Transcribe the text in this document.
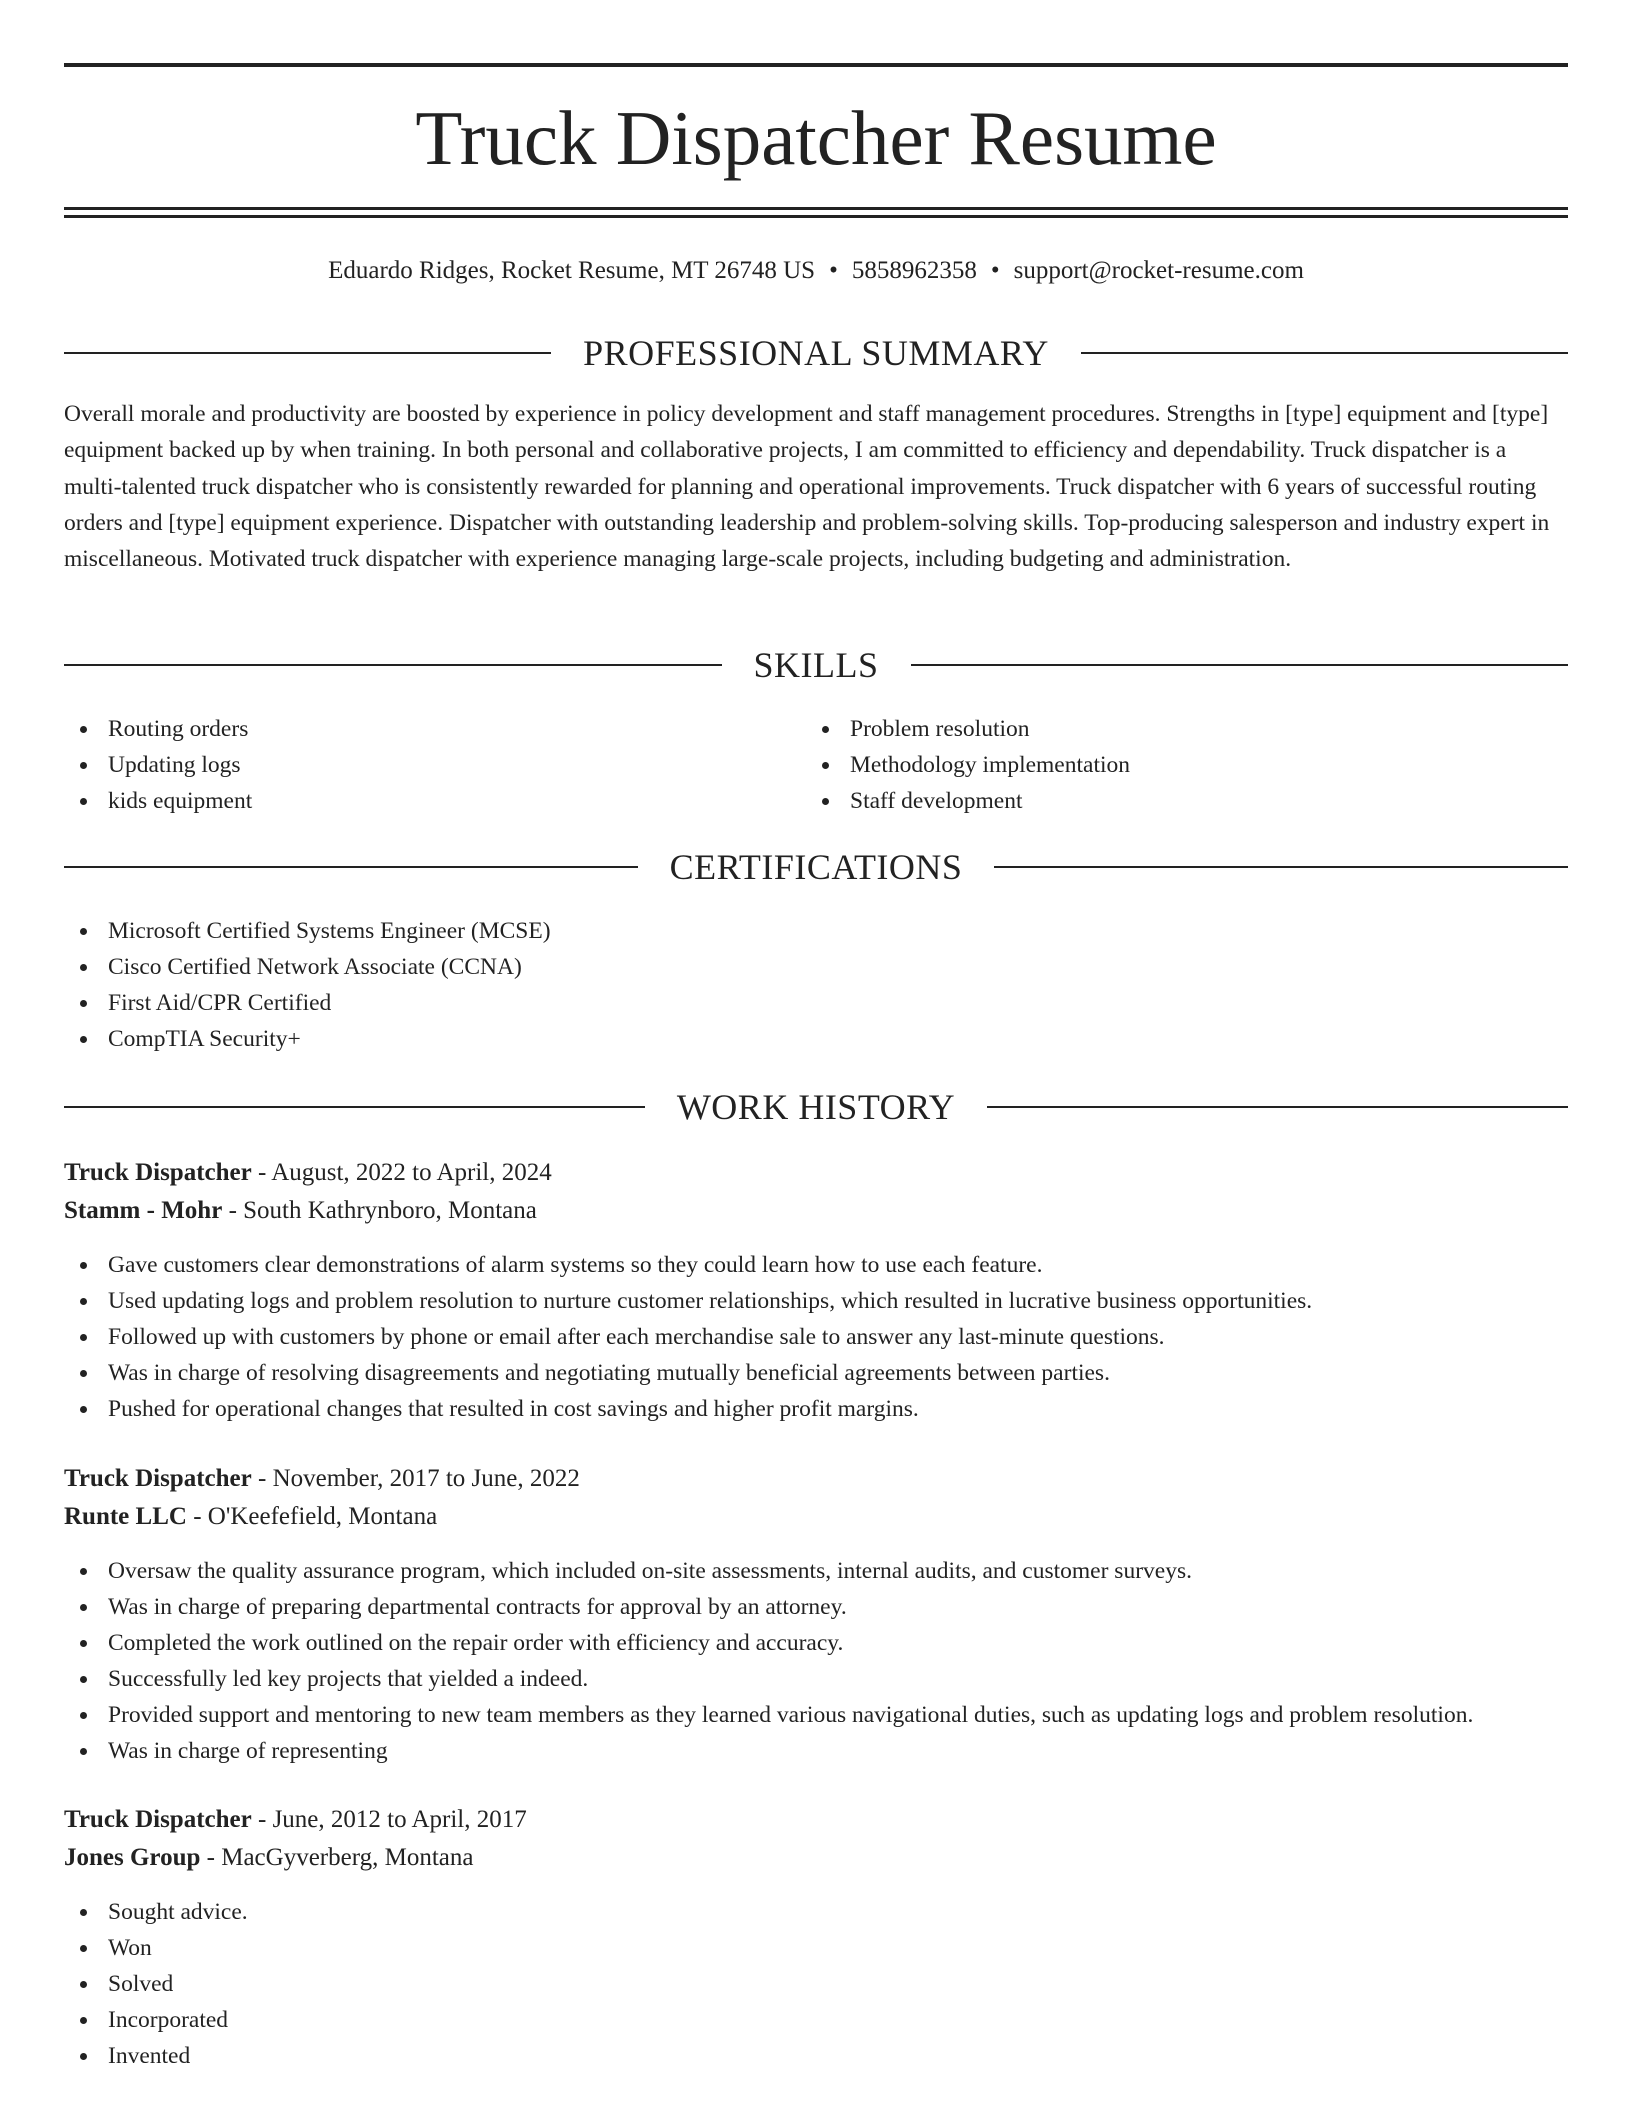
Truck Dispatcher Resume
Eduardo Ridges, Rocket Resume, MT 26748 US • 5858962358 • support@rocket-resume.com
PROFESSIONAL SUMMARY
Overall morale and productivity are boosted by experience in policy development and staff management procedures. Strengths in [type] equipment and [type] equipment backed up by when training. In both personal and collaborative projects, I am committed to efficiency and dependability. Truck dispatcher is a multi-talented truck dispatcher who is consistently rewarded for planning and operational improvements. Truck dispatcher with 6 years of successful routing orders and [type] equipment experience. Dispatcher with outstanding leadership and problem-solving skills. Top-producing salesperson and industry expert in miscellaneous. Motivated truck dispatcher with experience managing large-scale projects, including budgeting and administration.
SKILLS
Routing orders
Updating logs
kids equipment
Problem resolution
Methodology implementation
Staff development
CERTIFICATIONS
Microsoft Certified Systems Engineer (MCSE)
Cisco Certified Network Associate (CCNA)
First Aid/CPR Certified
CompTIA Security+
WORK HISTORY
Truck Dispatcher - August, 2022 to April, 2024
Stamm - Mohr - South Kathrynboro, Montana
Gave customers clear demonstrations of alarm systems so they could learn how to use each feature.
Used updating logs and problem resolution to nurture customer relationships, which resulted in lucrative business opportunities.
Followed up with customers by phone or email after each merchandise sale to answer any last-minute questions.
Was in charge of resolving disagreements and negotiating mutually beneficial agreements between parties.
Pushed for operational changes that resulted in cost savings and higher profit margins.
Truck Dispatcher - November, 2017 to June, 2022
Runte LLC - O'Keefefield, Montana
Oversaw the quality assurance program, which included on-site assessments, internal audits, and customer surveys.
Was in charge of preparing departmental contracts for approval by an attorney.
Completed the work outlined on the repair order with efficiency and accuracy.
Successfully led key projects that yielded a indeed.
Provided support and mentoring to new team members as they learned various navigational duties, such as updating logs and problem resolution.
Was in charge of representing
Truck Dispatcher - June, 2012 to April, 2017
Jones Group - MacGyverberg, Montana
Sought advice.
Won
Solved
Incorporated
Invented
